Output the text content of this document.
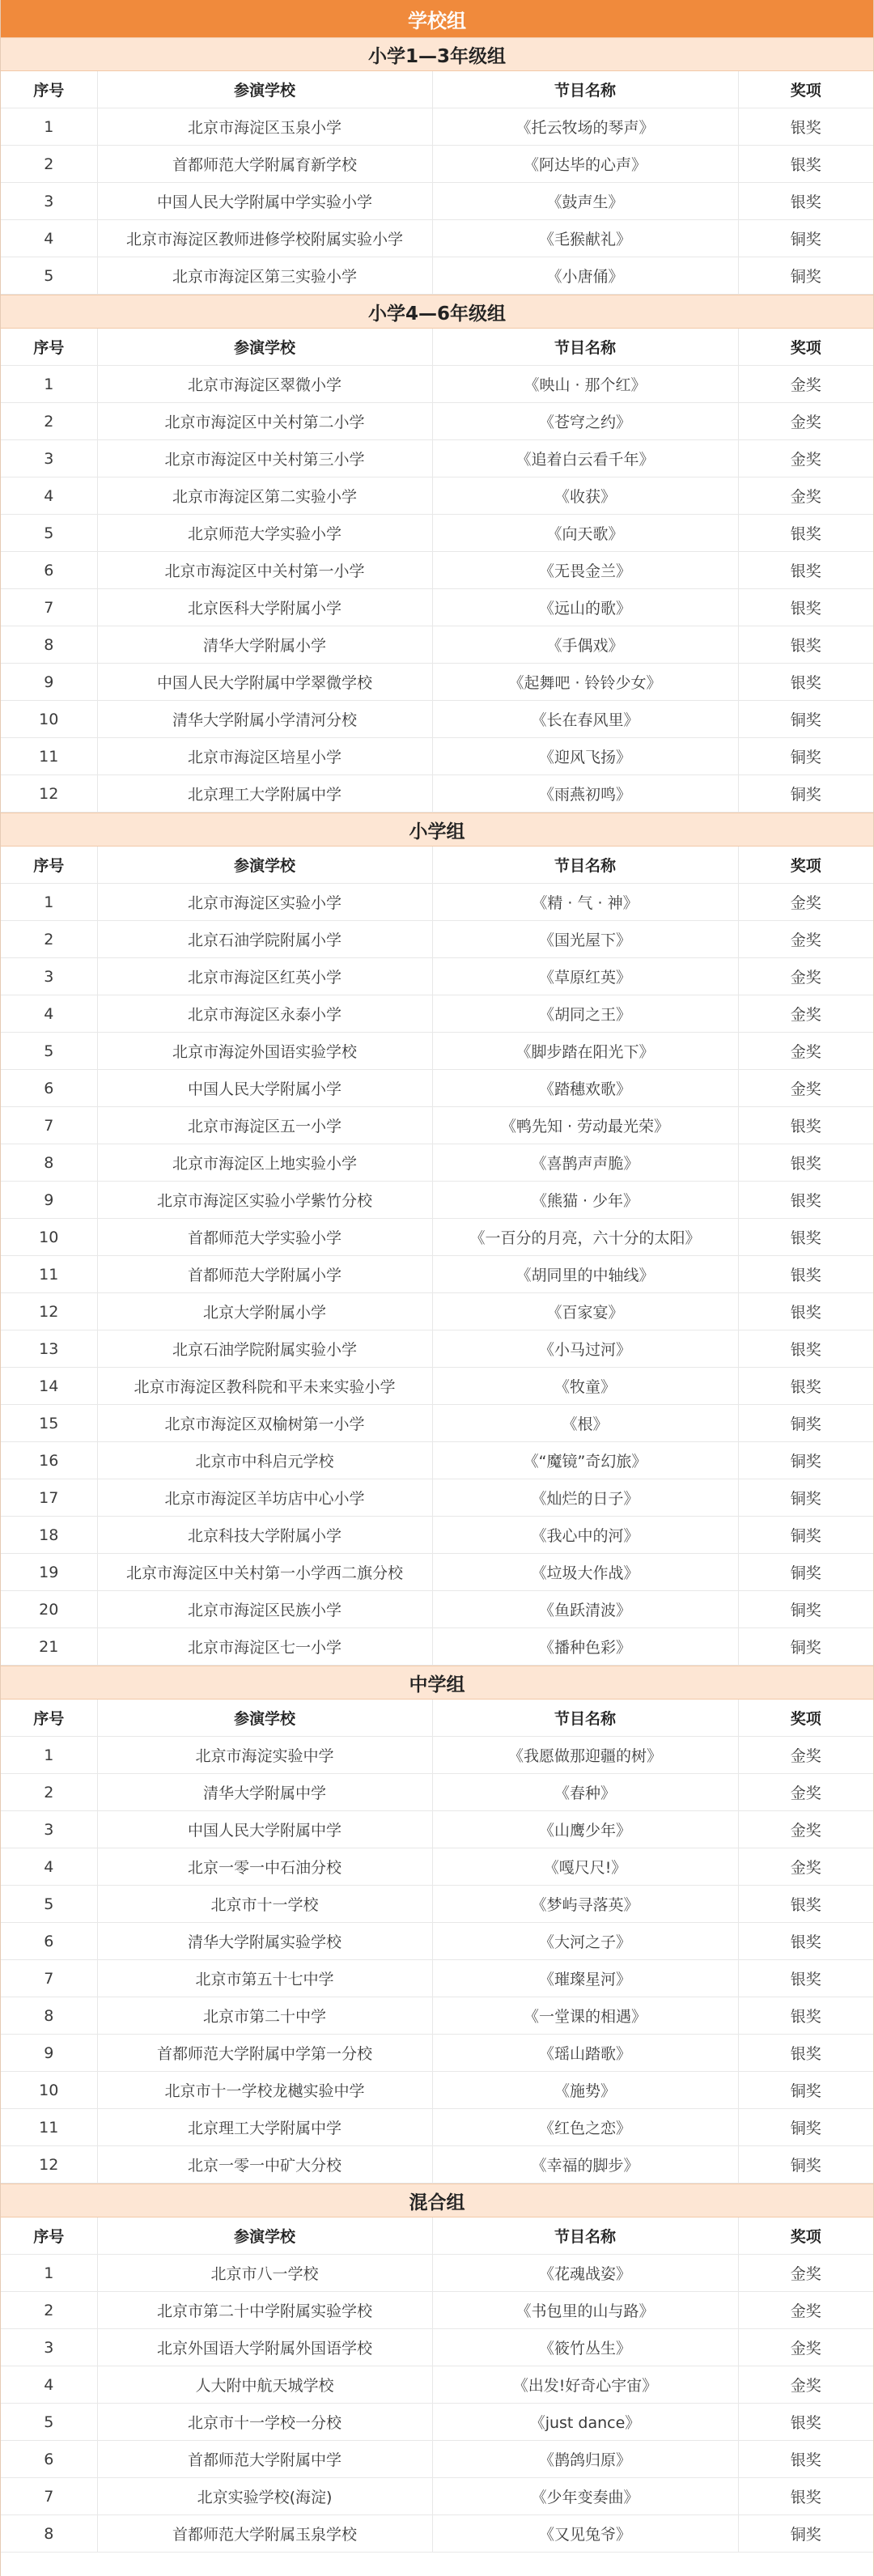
学校组
小学1—3年级组
序号	参演学校	节目名称	奖项
1	北京市海淀区玉泉小学	《托云牧场的琴声》	银奖
2	首都师范大学附属育新学校	《阿达毕的心声》	银奖
3	中国人民大学附属中学实验小学	《鼓声生》	银奖
4	北京市海淀区教师进修学校附属实验小学	《毛猴献礼》	铜奖
5	北京市海淀区第三实验小学	《小唐俑》	铜奖
小学4—6年级组
序号	参演学校	节目名称	奖项
1	北京市海淀区翠微小学	《映山 · 那个红》	金奖
2	北京市海淀区中关村第二小学	《苍穹之约》	金奖
3	北京市海淀区中关村第三小学	《追着白云看千年》	金奖
4	北京市海淀区第二实验小学	《收获》	金奖
5	北京师范大学实验小学	《向天歌》	银奖
6	北京市海淀区中关村第一小学	《无畏金兰》	银奖
7	北京医科大学附属小学	《远山的歌》	银奖
8	清华大学附属小学	《手偶戏》	银奖
9	中国人民大学附属中学翠微学校	《起舞吧 · 铃铃少女》	银奖
10	清华大学附属小学清河分校	《长在春风里》	铜奖
11	北京市海淀区培星小学	《迎风飞扬》	铜奖
12	北京理工大学附属中学	《雨燕初鸣》	铜奖
小学组
序号	参演学校	节目名称	奖项
1	北京市海淀区实验小学	《精 · 气 · 神》	金奖
2	北京石油学院附属小学	《国光屋下》	金奖
3	北京市海淀区红英小学	《草原红英》	金奖
4	北京市海淀区永泰小学	《胡同之王》	金奖
5	北京市海淀外国语实验学校	《脚步踏在阳光下》	金奖
6	中国人民大学附属小学	《踏穗欢歌》	金奖
7	北京市海淀区五一小学	《鸭先知 · 劳动最光荣》	银奖
8	北京市海淀区上地实验小学	《喜鹊声声脆》	银奖
9	北京市海淀区实验小学紫竹分校	《熊猫 · 少年》	银奖
10	首都师范大学实验小学	《一百分的月亮，六十分的太阳》	银奖
11	首都师范大学附属小学	《胡同里的中轴线》	银奖
12	北京大学附属小学	《百家宴》	银奖
13	北京石油学院附属实验小学	《小马过河》	银奖
14	北京市海淀区教科院和平未来实验小学	《牧童》	银奖
15	北京市海淀区双榆树第一小学	《根》	铜奖
16	北京市中科启元学校	《“魔镜”奇幻旅》	铜奖
17	北京市海淀区羊坊店中心小学	《灿烂的日子》	铜奖
18	北京科技大学附属小学	《我心中的河》	铜奖
19	北京市海淀区中关村第一小学西二旗分校	《垃圾大作战》	铜奖
20	北京市海淀区民族小学	《鱼跃清波》	铜奖
21	北京市海淀区七一小学	《播种色彩》	铜奖
中学组
序号	参演学校	节目名称	奖项
1	北京市海淀实验中学	《我愿做那迎疆的树》	金奖
2	清华大学附属中学	《春种》	金奖
3	中国人民大学附属中学	《山鹰少年》	金奖
4	北京一零一中石油分校	《嘎尺尺!》	金奖
5	北京市十一学校	《梦屿寻落英》	银奖
6	清华大学附属实验学校	《大河之子》	银奖
7	北京市第五十七中学	《璀璨星河》	银奖
8	北京市第二十中学	《一堂课的相遇》	银奖
9	首都师范大学附属中学第一分校	《瑶山踏歌》	银奖
10	北京市十一学校龙樾实验中学	《施势》	铜奖
11	北京理工大学附属中学	《红色之恋》	铜奖
12	北京一零一中矿大分校	《幸福的脚步》	铜奖
混合组
序号	参演学校	节目名称	奖项
1	北京市八一学校	《花魂战姿》	金奖
2	北京市第二十中学附属实验学校	《书包里的山与路》	金奖
3	北京外国语大学附属外国语学校	《筱竹丛生》	金奖
4	人大附中航天城学校	《出发!好奇心宇宙》	金奖
5	北京市十一学校一分校	《just dance》	银奖
6	首都师范大学附属中学	《鹊鸽归原》	银奖
7	北京实验学校(海淀)	《少年变奏曲》	银奖
8	首都师范大学附属玉泉学校	《又见兔爷》	铜奖
